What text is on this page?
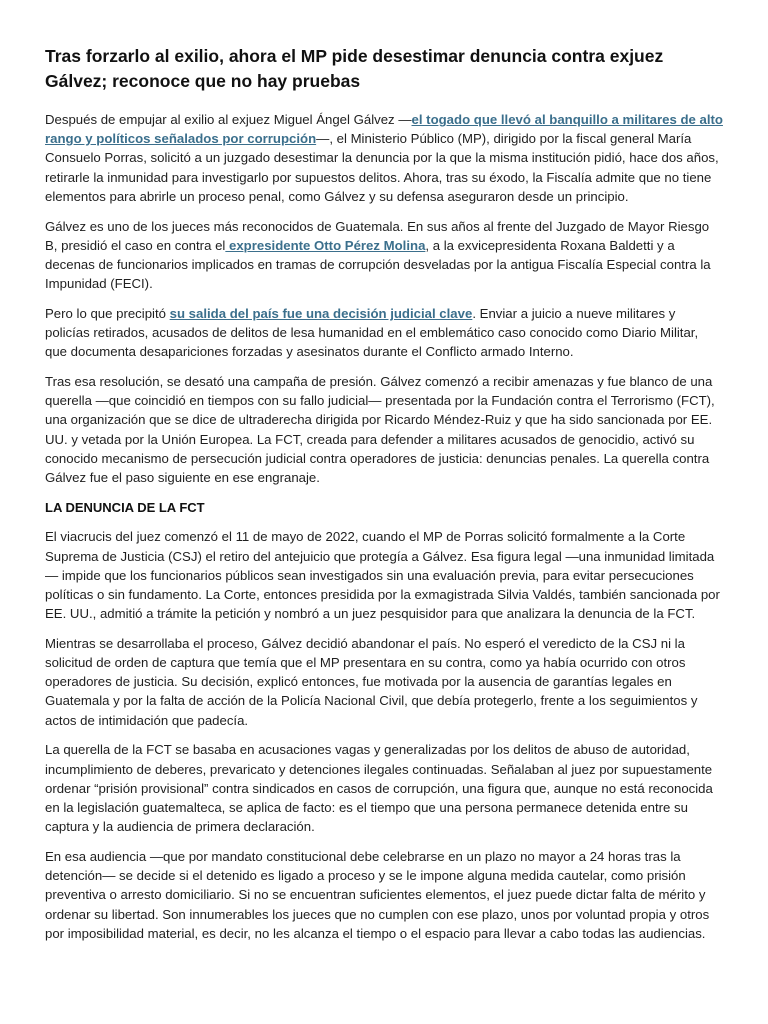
Tras forzarlo al exilio, ahora el MP pide desestimar denuncia contra exjuez Gálvez; reconoce que no hay pruebas

Después de empujar al exilio al exjuez Miguel Ángel Gálvez —el togado que llevó al banquillo a militares de alto rango y políticos señalados por corrupción—, el Ministerio Público (MP), dirigido por la fiscal general María Consuelo Porras, solicitó a un juzgado desestimar la denuncia por la que la misma institución pidió, hace dos años, retirarle la inmunidad para investigarlo por supuestos delitos. Ahora, tras su éxodo, la Fiscalía admite que no tiene elementos para abrirle un proceso penal, como Gálvez y su defensa aseguraron desde un principio.

Gálvez es uno de los jueces más reconocidos de Guatemala. En sus años al frente del Juzgado de Mayor Riesgo B, presidió el caso en contra el expresidente Otto Pérez Molina, a la exvicepresidenta Roxana Baldetti y a decenas de funcionarios implicados en tramas de corrupción desveladas por la antigua Fiscalía Especial contra la Impunidad (FECI).

Pero lo que precipitó su salida del país fue una decisión judicial clave. Enviar a juicio a nueve militares y policías retirados, acusados de delitos de lesa humanidad en el emblemático caso conocido como Diario Militar, que documenta desapariciones forzadas y asesinatos durante el Conflicto armado Interno.

Tras esa resolución, se desató una campaña de presión. Gálvez comenzó a recibir amenazas y fue blanco de una querella —que coincidió en tiempos con su fallo judicial— presentada por la Fundación contra el Terrorismo (FCT), una organización que se dice de ultraderecha dirigida por Ricardo Méndez-Ruiz y que ha sido sancionada por EE. UU. y vetada por la Unión Europea. La FCT, creada para defender a militares acusados de genocidio, activó su conocido mecanismo de persecución judicial contra operadores de justicia: denuncias penales. La querella contra Gálvez fue el paso siguiente en ese engranaje.

LA DENUNCIA DE LA FCT

El viacrucis del juez comenzó el 11 de mayo de 2022, cuando el MP de Porras solicitó formalmente a la Corte Suprema de Justicia (CSJ) el retiro del antejuicio que protegía a Gálvez. Esa figura legal —una inmunidad limitada— impide que los funcionarios públicos sean investigados sin una evaluación previa, para evitar persecuciones políticas o sin fundamento. La Corte, entonces presidida por la exmagistrada Silvia Valdés, también sancionada por EE. UU., admitió a trámite la petición y nombró a un juez pesquisidor para que analizara la denuncia de la FCT.

Mientras se desarrollaba el proceso, Gálvez decidió abandonar el país. No esperó el veredicto de la CSJ ni la solicitud de orden de captura que temía que el MP presentara en su contra, como ya había ocurrido con otros operadores de justicia. Su decisión, explicó entonces, fue motivada por la ausencia de garantías legales en Guatemala y por la falta de acción de la Policía Nacional Civil, que debía protegerlo, frente a los seguimientos y actos de intimidación que padecía.

La querella de la FCT se basaba en acusaciones vagas y generalizadas por los delitos de abuso de autoridad, incumplimiento de deberes, prevaricato y detenciones ilegales continuadas. Señalaban al juez por supuestamente ordenar “prisión provisional” contra sindicados en casos de corrupción, una figura que, aunque no está reconocida en la legislación guatemalteca, se aplica de facto: es el tiempo que una persona permanece detenida entre su captura y la audiencia de primera declaración.

En esa audiencia —que por mandato constitucional debe celebrarse en un plazo no mayor a 24 horas tras la detención— se decide si el detenido es ligado a proceso y se le impone alguna medida cautelar, como prisión preventiva o arresto domiciliario. Si no se encuentran suficientes elementos, el juez puede dictar falta de mérito y ordenar su libertad. Son innumerables los jueces que no cumplen con ese plazo, unos por voluntad propia y otros por imposibilidad material, es decir, no les alcanza el tiempo o el espacio para llevar a cabo todas las audiencias.
